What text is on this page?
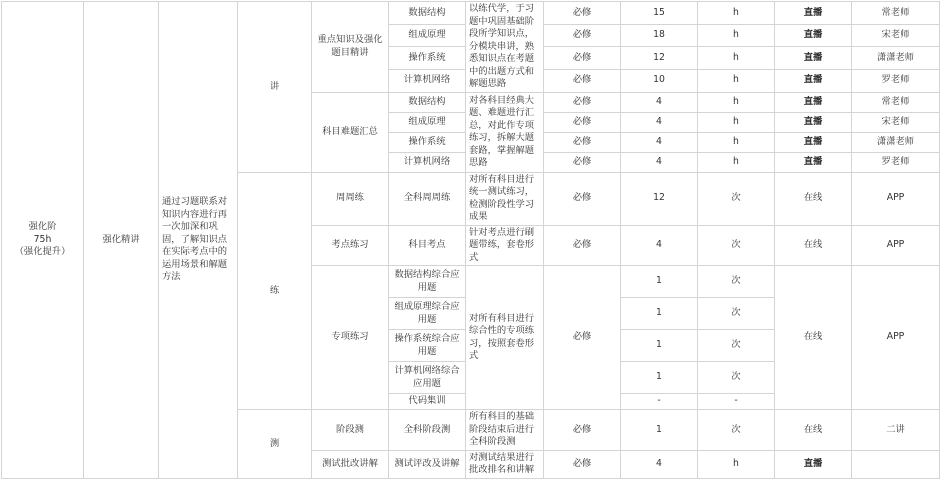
强化阶
75h
（强化提升）	强化精讲	通过习题联系对知识内容进行再一次加深和巩固，了解知识点在实际考点中的运用场景和解题方法	讲	重点知识及强化题目精讲	数据结构	以练代学，于习题中巩固基础阶段所学知识点，分模块串讲，熟悉知识点在考题中的出题方式和解题思路	必修	15	h	直播	常老师
					组成原理		必修	18	h	直播	宋老师
					操作系统		必修	12	h	直播	潇潇老师
					计算机网络		必修	10	h	直播	罗老师
				科目难题汇总	数据结构	对各科目经典大题、难题进行汇总，对此作专项练习，拆解大题套路，掌握解题思路	必修	4	h	直播	常老师
					组成原理		必修	4	h	直播	宋老师
					操作系统		必修	4	h	直播	潇潇老师
					计算机网络		必修	4	h	直播	罗老师
			练	周周练	全科周周练	对所有科目进行统一测试练习，检测阶段性学习成果	必修	12	次	在线	APP
				考点练习	科目考点	针对考点进行刷题带练，套卷形式	必修	4	次	在线	APP
				专项练习	数据结构综合应用题	对所有科目进行综合性的专项练习，按照套卷形式	必修	1	次	在线	APP
					组成原理综合应用题			1	次		
					操作系统综合应用题			1	次		
					计算机网络综合应用题			1	次		
					代码集训			-	-		
			测	阶段测	全科阶段测	所有科目的基础阶段结束后进行全科阶段测	必修	1	次	在线	二讲
				测试批改讲解	测试评改及讲解	对测试结果进行批改排名和讲解	必修	4	h	直播	
